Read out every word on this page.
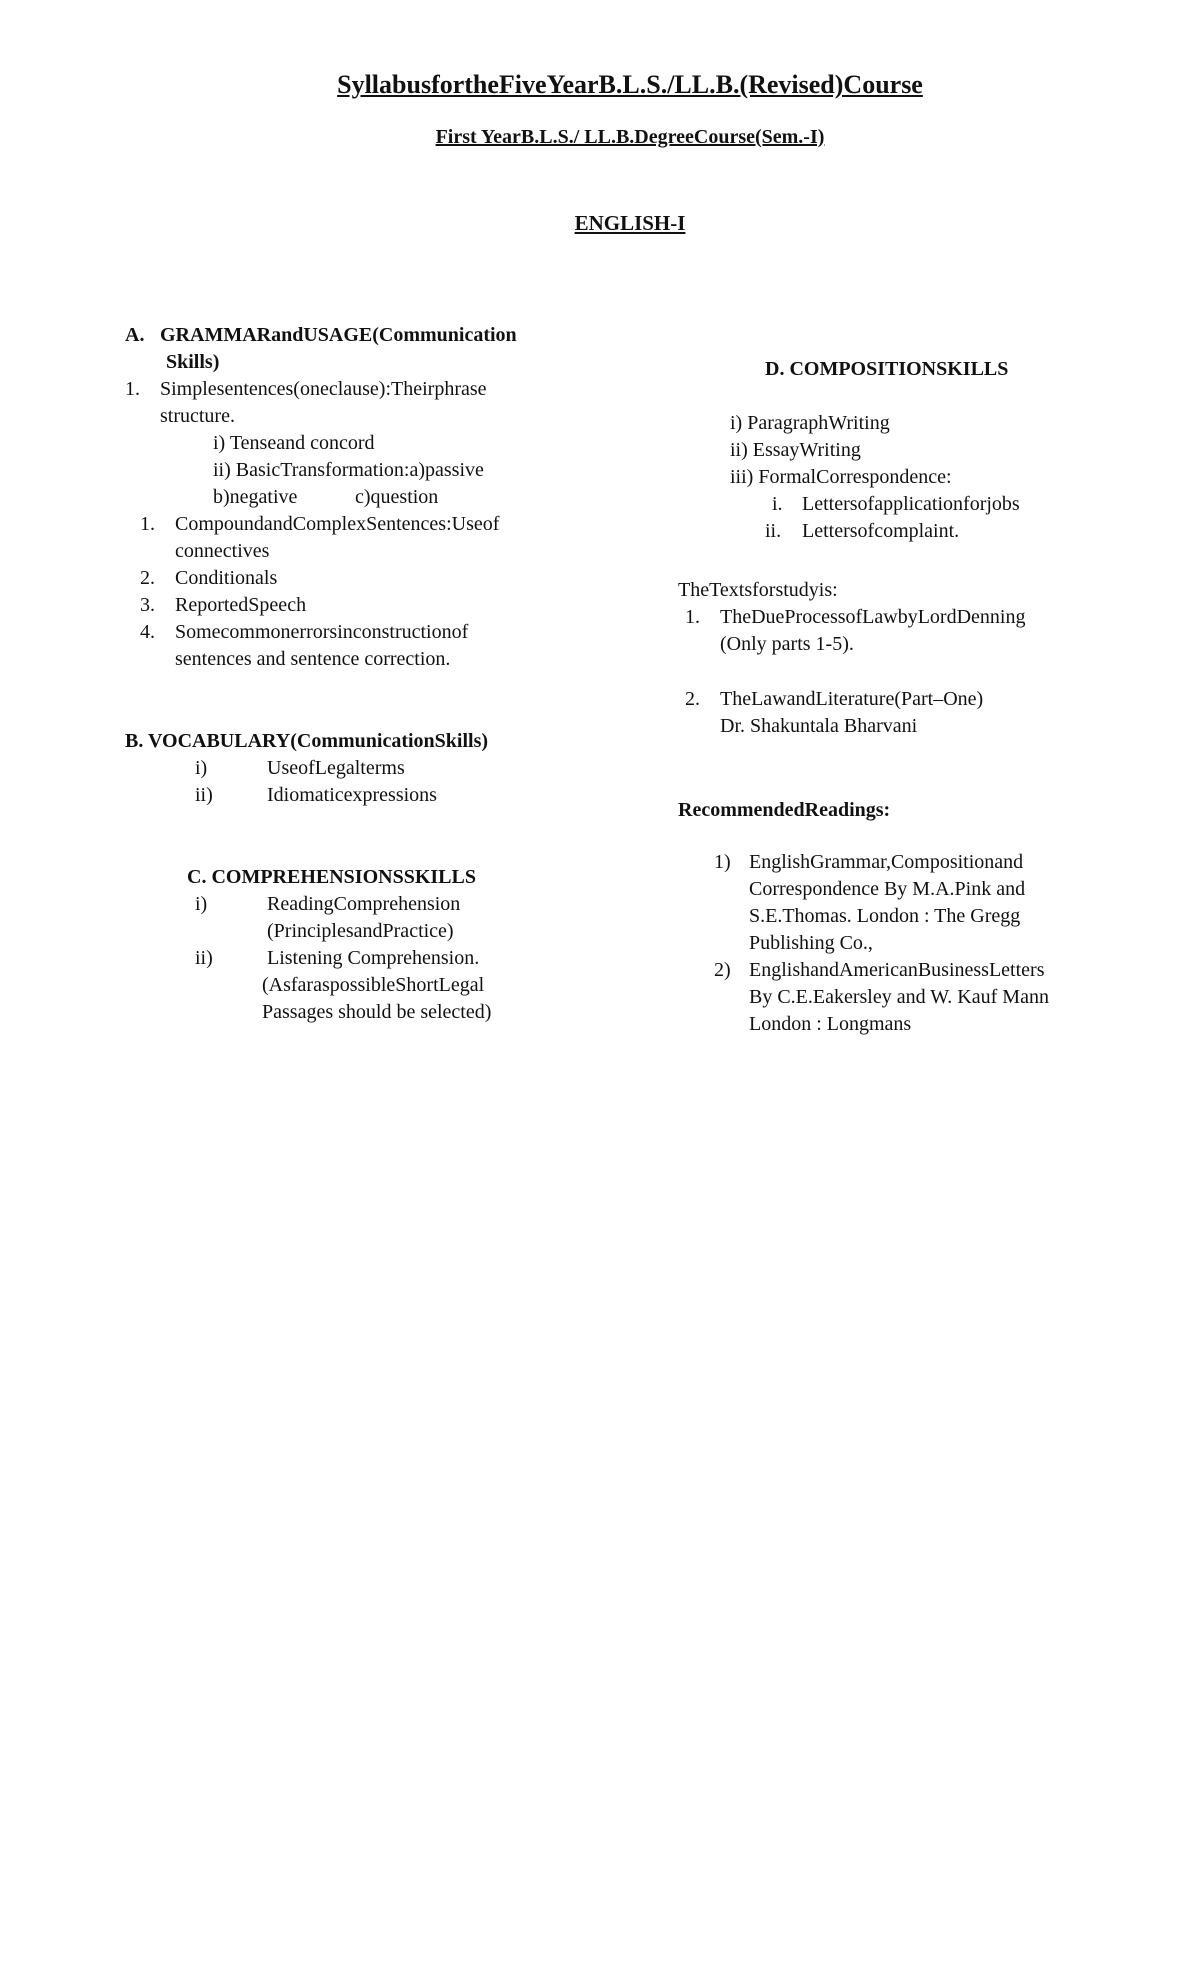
SyllabusfortheFiveYearB.L.S./LL.B.(Revised)Course
First YearB.L.S./ LL.B.DegreeCourse(Sem.-I)
ENGLISH-I
A. GRAMMARandUSAGE(Communication
Skills)
1. Simplesentences(oneclause):Theirphrase
structure.
i) Tenseand concord
ii) BasicTransformation:a)passive
b)negative	c)question
1. CompoundandComplexSentences:Useof
connectives
2. Conditionals
3. ReportedSpeech
4. Somecommonerrorsinconstructionof
sentences and sentence correction.
B. VOCABULARY(CommunicationSkills)
i)	UseofLegalterms
ii)	Idiomaticexpressions
C. COMPREHENSIONSSKILLS
i)	ReadingComprehension
(PrinciplesandPractice)
ii)	Listening Comprehension.
(AsfaraspossibleShortLegal
Passages should be selected)
D. COMPOSITIONSKILLS
i) ParagraphWriting
ii) EssayWriting
iii) FormalCorrespondence:
i. Lettersofapplicationforjobs
ii. Lettersofcomplaint.
TheTextsforstudyis:
1. TheDueProcessofLawbyLordDenning
(Only parts 1-5).
2. TheLawandLiterature(Part–One)
Dr. Shakuntala Bharvani
RecommendedReadings:
1) EnglishGrammar,Compositionand
Correspondence By M.A.Pink and
S.E.Thomas. London : The Gregg
Publishing Co.,
2) EnglishandAmericanBusinessLetters
By C.E.Eakersley and W. Kauf Mann
London : Longmans
